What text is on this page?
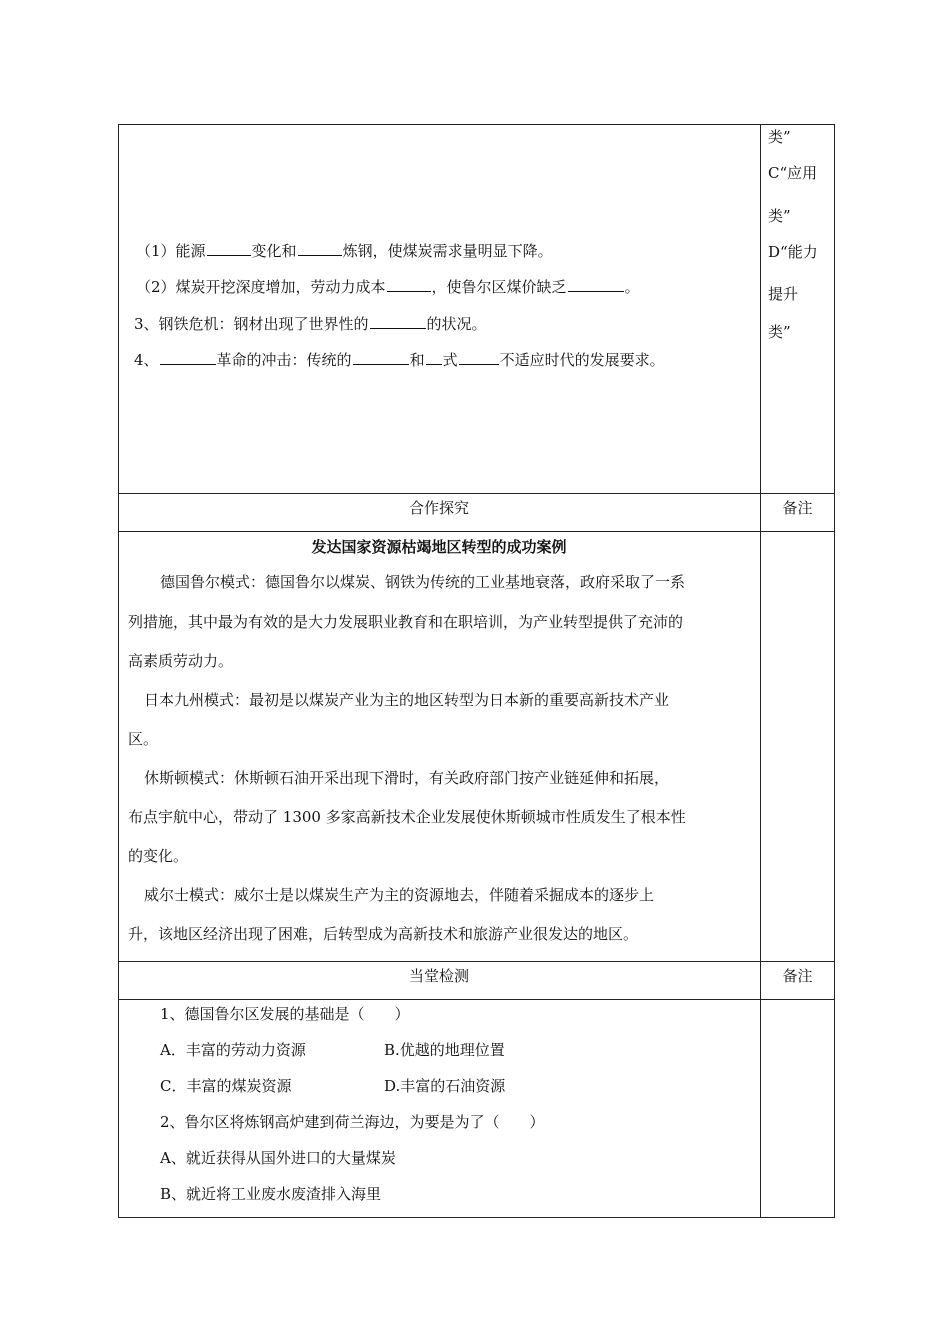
类”
C“应用
类”
D“能力
提升
类”
（1）能源	变化和	炼钢，使煤炭需求量明显下降。
（2）煤炭开挖深度增加，劳动力成本	，使鲁尔区煤价缺乏	。
3、钢铁危机：钢材出现了世界性的	的状况。
4、	革命的冲击：传统的	和 式	不适应时代的发展要求。
合作探究	备注
发达国家资源枯竭地区转型的成功案例
德国鲁尔模式：德国鲁尔以煤炭、钢铁为传统的工业基地衰落，政府采取了一系
列措施，其中最为有效的是大力发展职业教育和在职培训，为产业转型提供了充沛的
高素质劳动力。
日本九州模式：最初是以煤炭产业为主的地区转型为日本新的重要高新技术产业
区。
休斯顿模式：休斯顿石油开采出现下滑时，有关政府部门按产业链延伸和拓展，
布点宇航中心，带动了 1300 多家高新技术企业发展使休斯顿城市性质发生了根本性
的变化。
威尔士模式：威尔士是以煤炭生产为主的资源地去，伴随着采掘成本的逐步上
升，该地区经济出现了困难，后转型成为高新技术和旅游产业很发达的地区。
当堂检测	备注
1、德国鲁尔区发展的基础是（　　）
A．丰富的劳动力资源	B.优越的地理位置
C．丰富的煤炭资源	D.丰富的石油资源
2、鲁尔区将炼钢高炉建到荷兰海边，为要是为了（　　）
A、就近获得从国外进口的大量煤炭
B、就近将工业废水废渣排入海里
